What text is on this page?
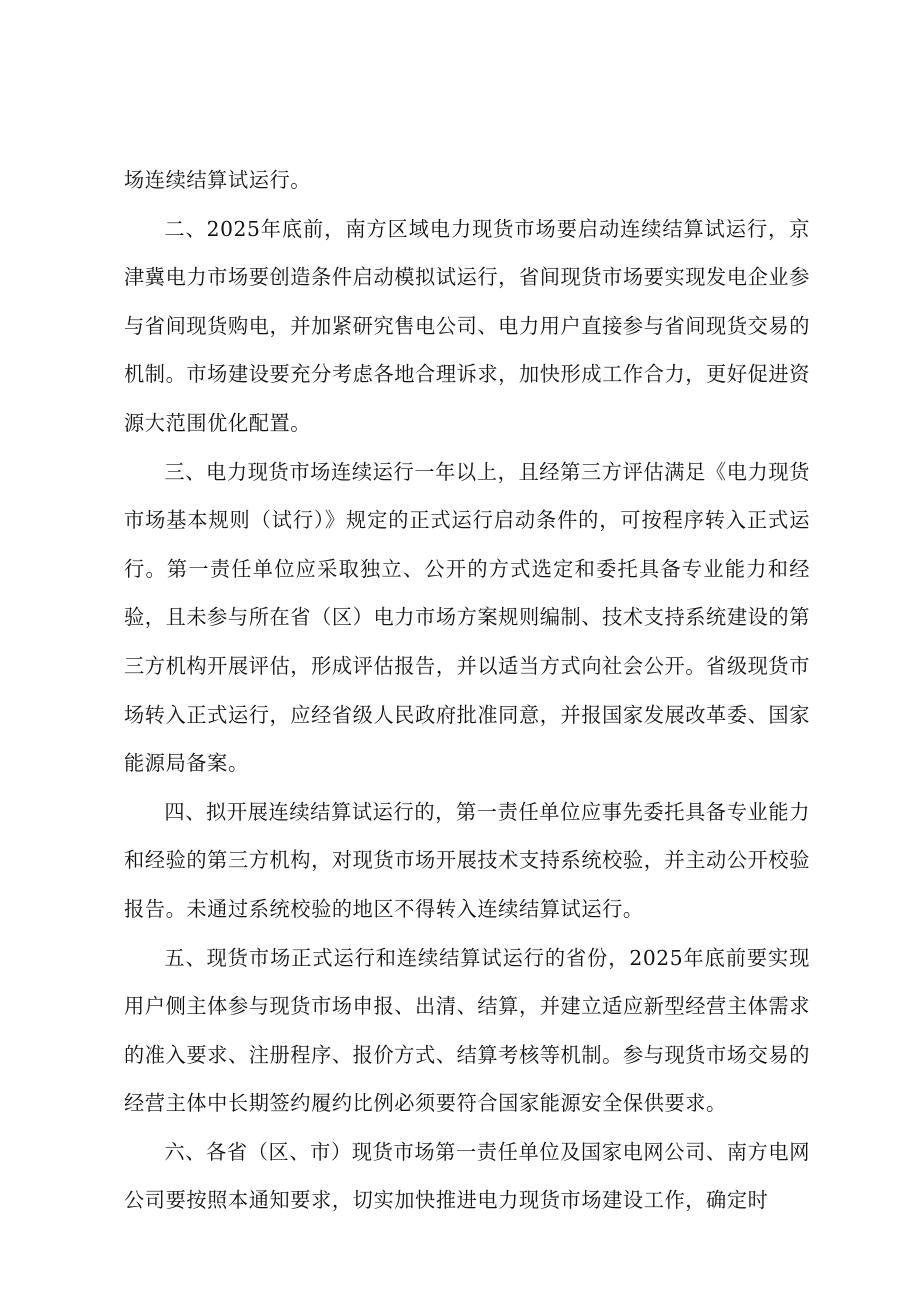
场连续结算试运行。

二、2025年底前，南方区域电力现货市场要启动连续结算试运行，京津冀电力市场要创造条件启动模拟试运行，省间现货市场要实现发电企业参与省间现货购电，并加紧研究售电公司、电力用户直接参与省间现货交易的机制。市场建设要充分考虑各地合理诉求，加快形成工作合力，更好促进资源大范围优化配置。

三、电力现货市场连续运行一年以上，且经第三方评估满足《电力现货市场基本规则（试行）》规定的正式运行启动条件的，可按程序转入正式运行。第一责任单位应采取独立、公开的方式选定和委托具备专业能力和经验，且未参与所在省（区）电力市场方案规则编制、技术支持系统建设的第三方机构开展评估，形成评估报告，并以适当方式向社会公开。省级现货市场转入正式运行，应经省级人民政府批准同意，并报国家发展改革委、国家能源局备案。

四、拟开展连续结算试运行的，第一责任单位应事先委托具备专业能力和经验的第三方机构，对现货市场开展技术支持系统校验，并主动公开校验报告。未通过系统校验的地区不得转入连续结算试运行。

五、现货市场正式运行和连续结算试运行的省份，2025年底前要实现用户侧主体参与现货市场申报、出清、结算，并建立适应新型经营主体需求的准入要求、注册程序、报价方式、结算考核等机制。参与现货市场交易的经营主体中长期签约履约比例必须要符合国家能源安全保供要求。

六、各省（区、市）现货市场第一责任单位及国家电网公司、南方电网公司要按照本通知要求，切实加快推进电力现货市场建设工作，确定时
